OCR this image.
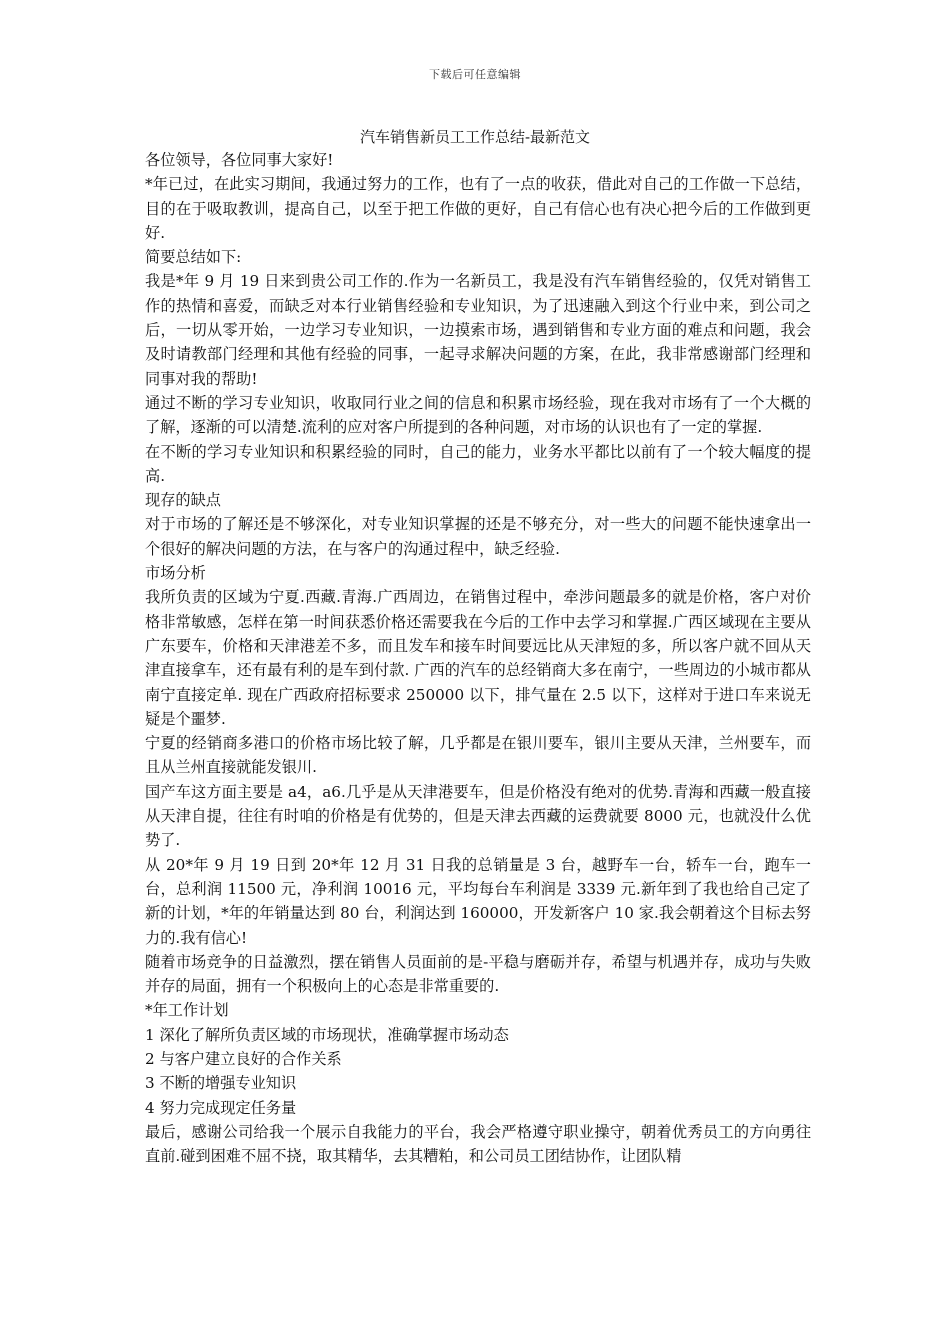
下载后可任意编辑
汽车销售新员工工作总结-最新范文

各位领导，各位同事大家好!

*年已过，在此实习期间，我通过努力的工作，也有了一点的收获，借此对自己的工作做一下总结，目的在于吸取教训，提高自己，以至于把工作做的更好，自己有信心也有决心把今后的工作做到更好.

简要总结如下:

我是*年 9 月 19 日来到贵公司工作的.作为一名新员工，我是没有汽车销售经验的，仅凭对销售工作的热情和喜爱，而缺乏对本行业销售经验和专业知识，为了迅速融入到这个行业中来，到公司之后，一切从零开始，一边学习专业知识，一边摸索市场，遇到销售和专业方面的难点和问题，我会及时请教部门经理和其他有经验的同事，一起寻求解决问题的方案，在此，我非常感谢部门经理和同事对我的帮助!

通过不断的学习专业知识，收取同行业之间的信息和积累市场经验，现在我对市场有了一个大概的了解，逐渐的可以清楚.流利的应对客户所提到的各种问题，对市场的认识也有了一定的掌握.

在不断的学习专业知识和积累经验的同时，自己的能力，业务水平都比以前有了一个较大幅度的提高.

现存的缺点

对于市场的了解还是不够深化，对专业知识掌握的还是不够充分，对一些大的问题不能快速拿出一个很好的解决问题的方法，在与客户的沟通过程中，缺乏经验.

市场分析

我所负责的区域为宁夏.西藏.青海.广西周边，在销售过程中，牵涉问题最多的就是价格，客户对价格非常敏感，怎样在第一时间获悉价格还需要我在今后的工作中去学习和掌握.广西区域现在主要从广东要车，价格和天津港差不多，而且发车和接车时间要远比从天津短的多，所以客户就不回从天津直接拿车，还有最有利的是车到付款. 广西的汽车的总经销商大多在南宁，一些周边的小城市都从南宁直接定单. 现在广西政府招标要求 250000 以下，排气量在 2.5 以下，这样对于进口车来说无疑是个噩梦.

宁夏的经销商多港口的价格市场比较了解，几乎都是在银川要车，银川主要从天津，兰州要车，而且从兰州直接就能发银川.

国产车这方面主要是 a4，a6.几乎是从天津港要车，但是价格没有绝对的优势.青海和西藏一般直接从天津自提，往往有时咱的价格是有优势的，但是天津去西藏的运费就要 8000 元，也就没什么优势了.

从 20*年 9 月 19 日到 20*年 12 月 31 日我的总销量是 3 台，越野车一台，轿车一台，跑车一台，总利润 11500 元，净利润 10016 元，平均每台车利润是 3339 元.新年到了我也给自己定了新的计划，*年的年销量达到 80 台，利润达到 160000，开发新客户 10 家.我会朝着这个目标去努力的.我有信心!

随着市场竞争的日益激烈，摆在销售人员面前的是-平稳与磨砺并存，希望与机遇并存，成功与失败并存的局面，拥有一个积极向上的心态是非常重要的.

*年工作计划

1 深化了解所负责区域的市场现状，准确掌握市场动态

2 与客户建立良好的合作关系

3 不断的增强专业知识

4 努力完成现定任务量

最后，感谢公司给我一个展示自我能力的平台，我会严格遵守职业操守，朝着优秀员工的方向勇往直前.碰到困难不屈不挠，取其精华，去其糟粕，和公司员工团结协作，让团队精
